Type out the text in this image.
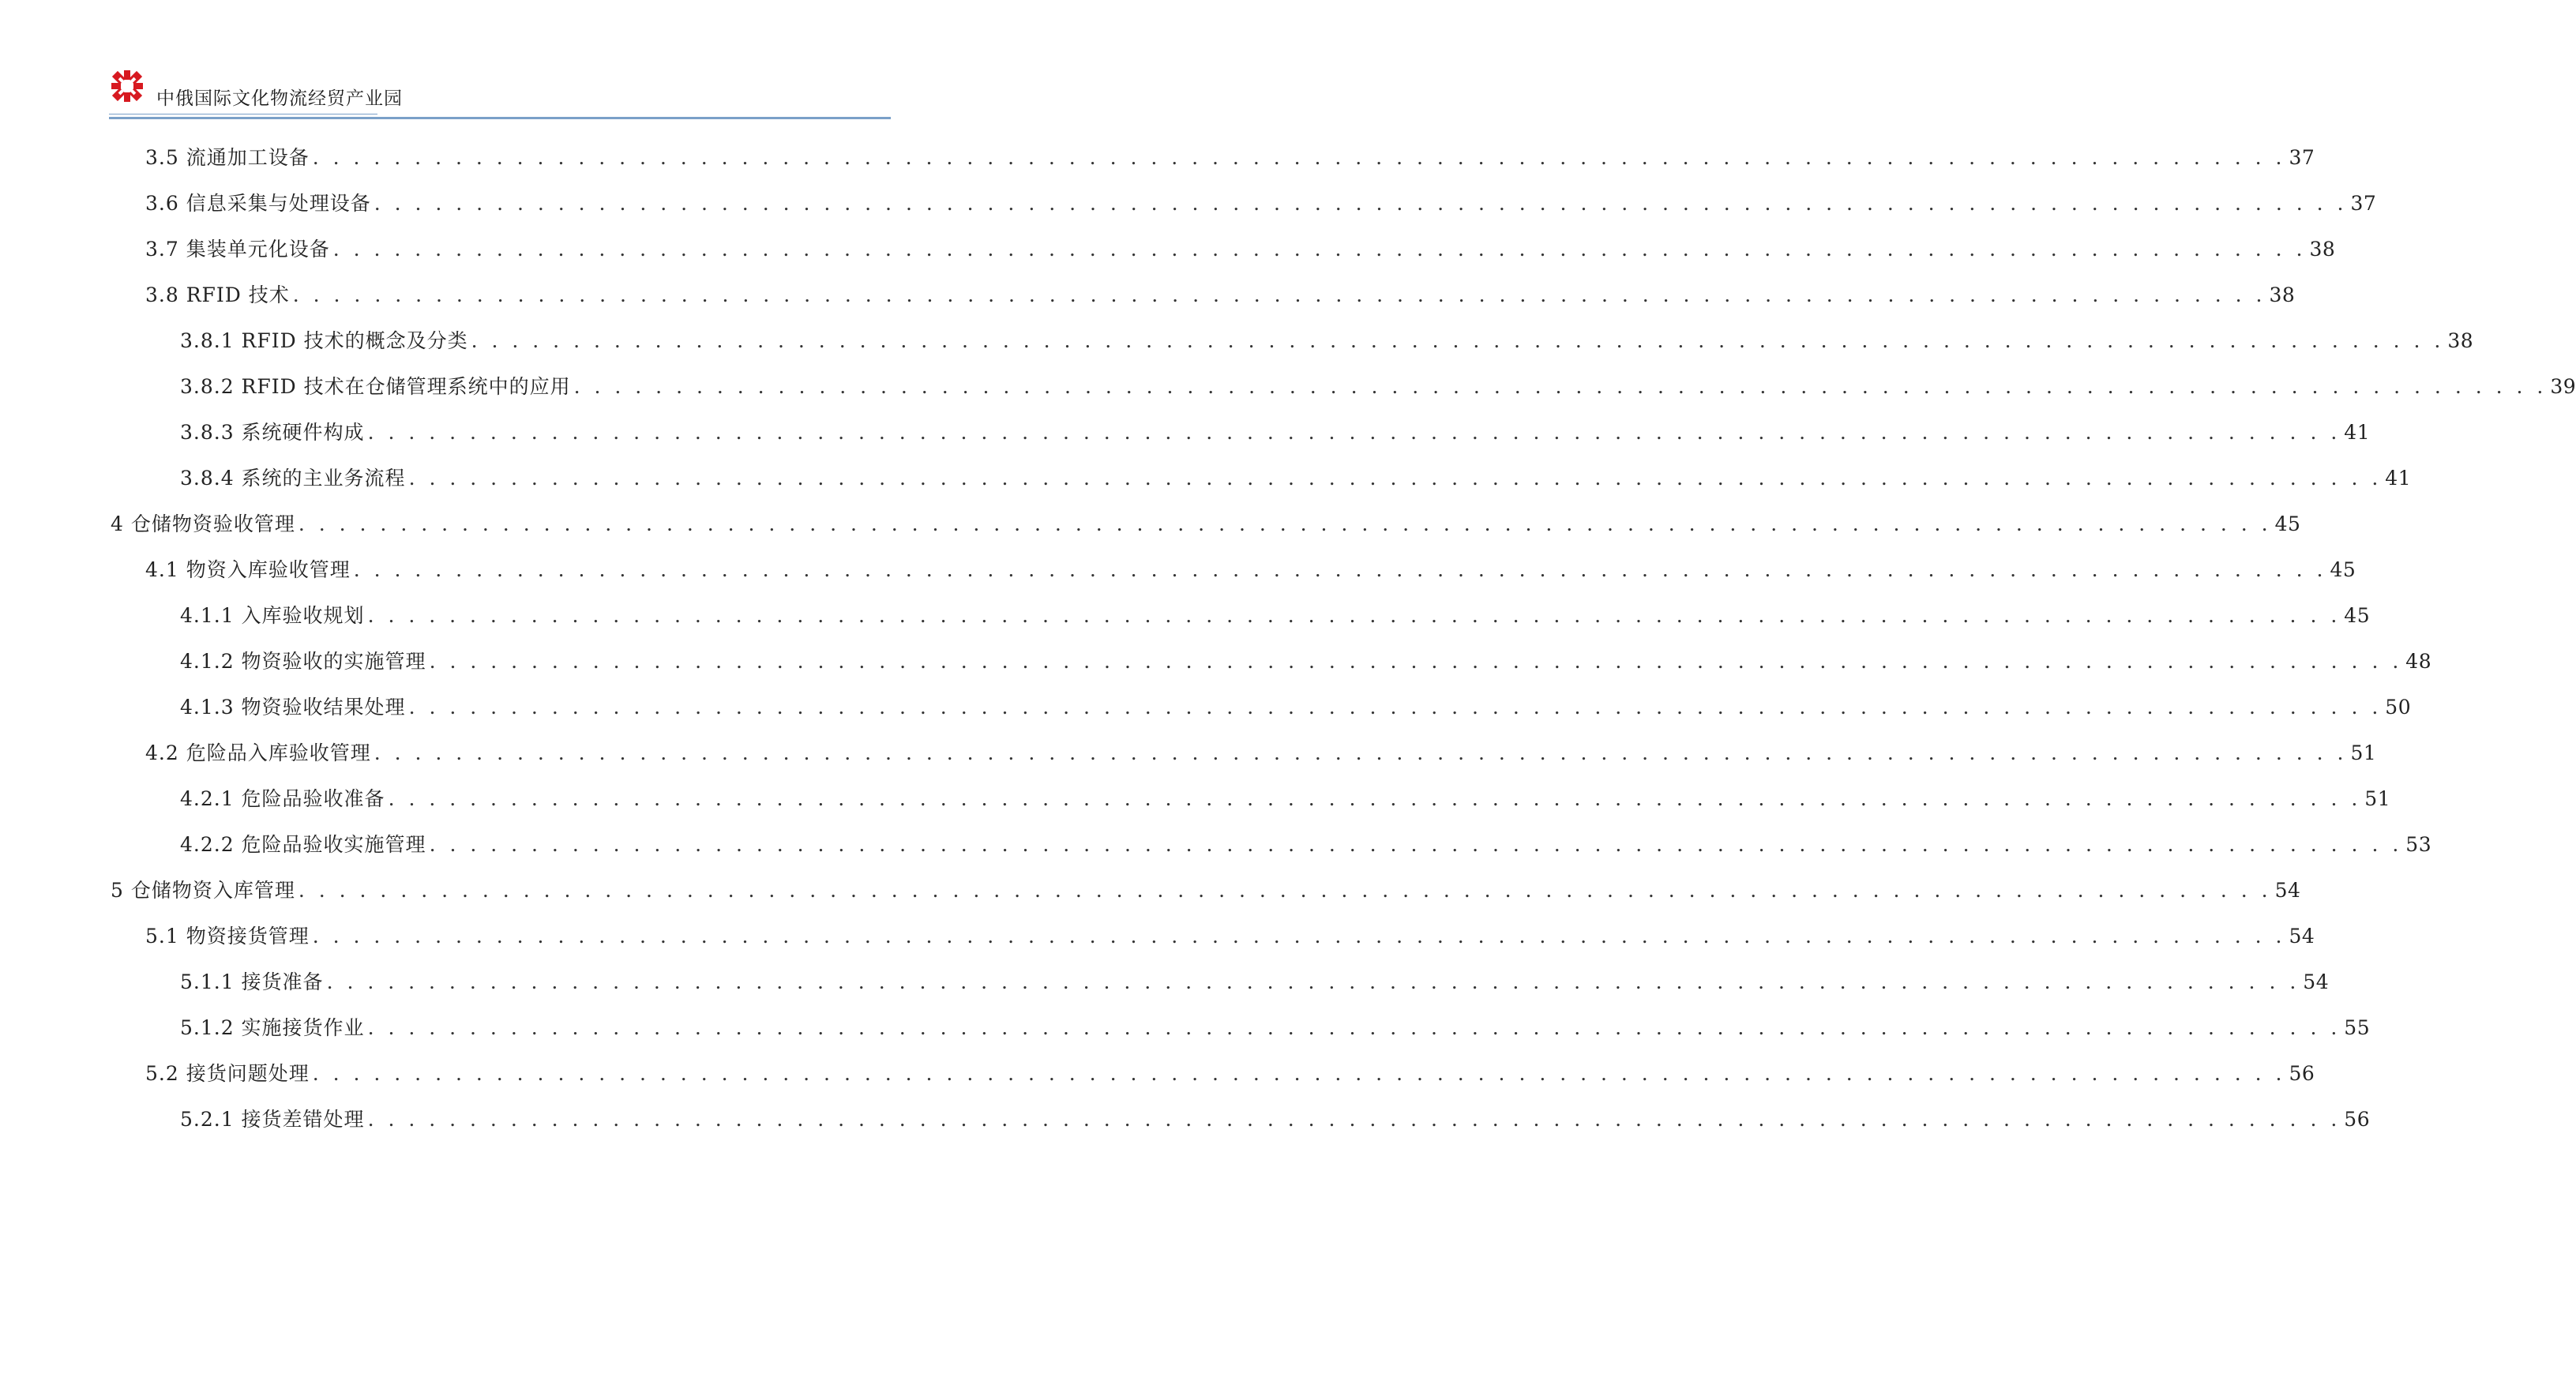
中俄国际文化物流经贸产业园
3.5 流通加工设备 . . . . . . . . . . . . . . . . . . . . . . . . . . . . . . . . . . . . . . . . . . . . . . . . . . . . . . . . . . . . . . . . . . . . . . . . . . . . . . . . . . . . . . . . . . . . . . . . . 37
3.6 信息采集与处理设备 . . . . . . . . . . . . . . . . . . . . . . . . . . . . . . . . . . . . . . . . . . . . . . . . . . . . . . . . . . . . . . . . . . . . . . . . . . . . . . . . . . . . . . . . . . . . . . . . . 37
3.7 集装单元化设备 . . . . . . . . . . . . . . . . . . . . . . . . . . . . . . . . . . . . . . . . . . . . . . . . . . . . . . . . . . . . . . . . . . . . . . . . . . . . . . . . . . . . . . . . . . . . . . . . . 38
3.8 RFID 技术 . . . . . . . . . . . . . . . . . . . . . . . . . . . . . . . . . . . . . . . . . . . . . . . . . . . . . . . . . . . . . . . . . . . . . . . . . . . . . . . . . . . . . . . . . . . . . . . . . 38
3.8.1 RFID 技术的概念及分类 . . . . . . . . . . . . . . . . . . . . . . . . . . . . . . . . . . . . . . . . . . . . . . . . . . . . . . . . . . . . . . . . . . . . . . . . . . . . . . . . . . . . . . . . . . . . . . . . . 38
3.8.2 RFID 技术在仓储管理系统中的应用 . . . . . . . . . . . . . . . . . . . . . . . . . . . . . . . . . . . . . . . . . . . . . . . . . . . . . . . . . . . . . . . . . . . . . . . . . . . . . . . . . . . . . . . . . . . . . . . . . 39
3.8.3 系统硬件构成 . . . . . . . . . . . . . . . . . . . . . . . . . . . . . . . . . . . . . . . . . . . . . . . . . . . . . . . . . . . . . . . . . . . . . . . . . . . . . . . . . . . . . . . . . . . . . . . . . 41
3.8.4 系统的主业务流程 . . . . . . . . . . . . . . . . . . . . . . . . . . . . . . . . . . . . . . . . . . . . . . . . . . . . . . . . . . . . . . . . . . . . . . . . . . . . . . . . . . . . . . . . . . . . . . . . . 41
4 仓储物资验收管理 . . . . . . . . . . . . . . . . . . . . . . . . . . . . . . . . . . . . . . . . . . . . . . . . . . . . . . . . . . . . . . . . . . . . . . . . . . . . . . . . . . . . . . . . . . . . . . . . . 45
4.1 物资入库验收管理 . . . . . . . . . . . . . . . . . . . . . . . . . . . . . . . . . . . . . . . . . . . . . . . . . . . . . . . . . . . . . . . . . . . . . . . . . . . . . . . . . . . . . . . . . . . . . . . . . 45
4.1.1 入库验收规划 . . . . . . . . . . . . . . . . . . . . . . . . . . . . . . . . . . . . . . . . . . . . . . . . . . . . . . . . . . . . . . . . . . . . . . . . . . . . . . . . . . . . . . . . . . . . . . . . . 45
4.1.2 物资验收的实施管理 . . . . . . . . . . . . . . . . . . . . . . . . . . . . . . . . . . . . . . . . . . . . . . . . . . . . . . . . . . . . . . . . . . . . . . . . . . . . . . . . . . . . . . . . . . . . . . . . . 48
4.1.3 物资验收结果处理 . . . . . . . . . . . . . . . . . . . . . . . . . . . . . . . . . . . . . . . . . . . . . . . . . . . . . . . . . . . . . . . . . . . . . . . . . . . . . . . . . . . . . . . . . . . . . . . . . 50
4.2 危险品入库验收管理 . . . . . . . . . . . . . . . . . . . . . . . . . . . . . . . . . . . . . . . . . . . . . . . . . . . . . . . . . . . . . . . . . . . . . . . . . . . . . . . . . . . . . . . . . . . . . . . . . 51
4.2.1 危险品验收准备 . . . . . . . . . . . . . . . . . . . . . . . . . . . . . . . . . . . . . . . . . . . . . . . . . . . . . . . . . . . . . . . . . . . . . . . . . . . . . . . . . . . . . . . . . . . . . . . . . 51
4.2.2 危险品验收实施管理 . . . . . . . . . . . . . . . . . . . . . . . . . . . . . . . . . . . . . . . . . . . . . . . . . . . . . . . . . . . . . . . . . . . . . . . . . . . . . . . . . . . . . . . . . . . . . . . . . 53
5 仓储物资入库管理 . . . . . . . . . . . . . . . . . . . . . . . . . . . . . . . . . . . . . . . . . . . . . . . . . . . . . . . . . . . . . . . . . . . . . . . . . . . . . . . . . . . . . . . . . . . . . . . . . 54
5.1 物资接货管理 . . . . . . . . . . . . . . . . . . . . . . . . . . . . . . . . . . . . . . . . . . . . . . . . . . . . . . . . . . . . . . . . . . . . . . . . . . . . . . . . . . . . . . . . . . . . . . . . . 54
5.1.1 接货准备 . . . . . . . . . . . . . . . . . . . . . . . . . . . . . . . . . . . . . . . . . . . . . . . . . . . . . . . . . . . . . . . . . . . . . . . . . . . . . . . . . . . . . . . . . . . . . . . . . 54
5.1.2 实施接货作业 . . . . . . . . . . . . . . . . . . . . . . . . . . . . . . . . . . . . . . . . . . . . . . . . . . . . . . . . . . . . . . . . . . . . . . . . . . . . . . . . . . . . . . . . . . . . . . . . . 55
5.2 接货问题处理 . . . . . . . . . . . . . . . . . . . . . . . . . . . . . . . . . . . . . . . . . . . . . . . . . . . . . . . . . . . . . . . . . . . . . . . . . . . . . . . . . . . . . . . . . . . . . . . . . 56
5.2.1 接货差错处理 . . . . . . . . . . . . . . . . . . . . . . . . . . . . . . . . . . . . . . . . . . . . . . . . . . . . . . . . . . . . . . . . . . . . . . . . . . . . . . . . . . . . . . . . . . . . . . . . . 56
